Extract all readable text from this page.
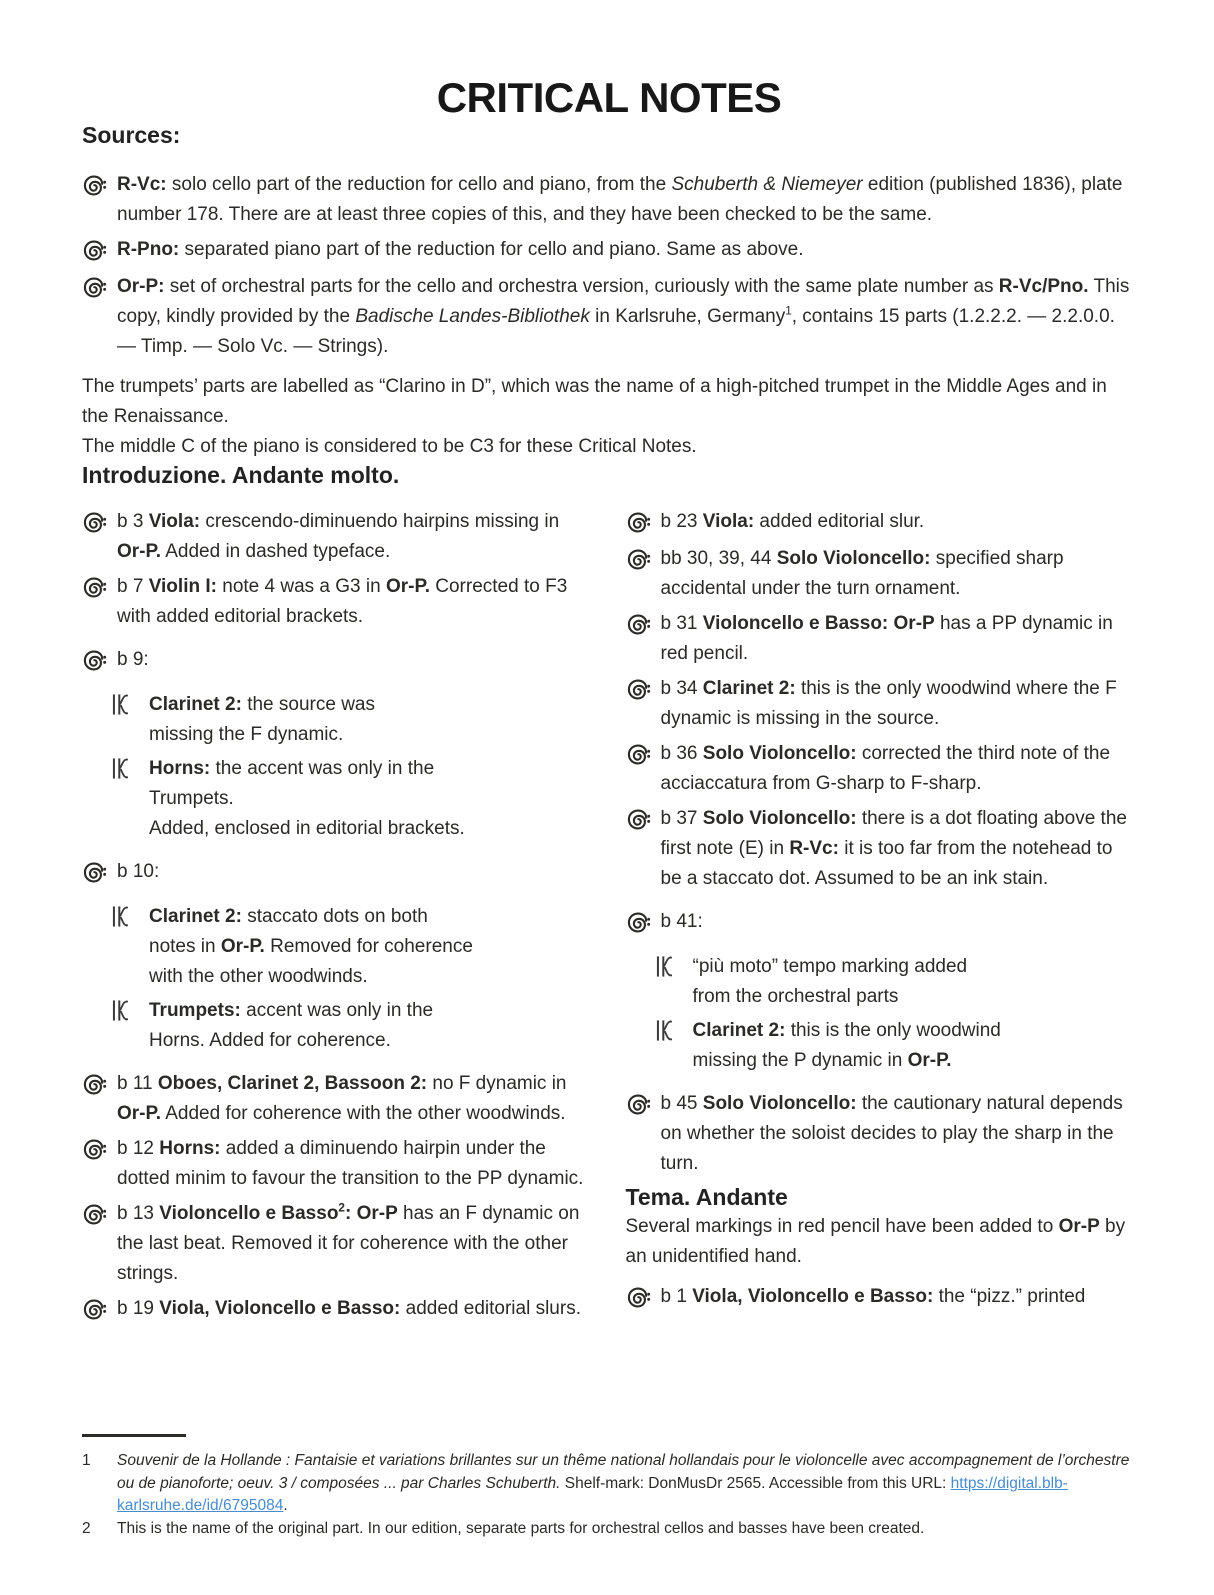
CRITICAL NOTES
Sources:

R-Vc: solo cello part of the reduction for cello and piano, from the Schuberth & Niemeyer edition (published 1836), plate number 178. There are at least three copies of this, and they have been checked to be the same.

R-Pno: separated piano part of the reduction for cello and piano. Same as above.

Or-P: set of orchestral parts for the cello and orchestra version, curiously with the same plate number as R-Vc/Pno. This copy, kindly provided by the Badische Landes-Bibliothek in Karlsruhe, Germany$^1$, contains 15 parts (1.2.2.2. — 2.2.0.0. — Timp. — Solo Vc. — Strings).

The trumpets’ parts are labelled as “Clarino in D”, which was the name of a high-pitched trumpet in the Middle Ages and in the Renaissance.

The middle C of the piano is considered to be C3 for these Critical Notes.

Introduzione. Andante molto.

b 3 Viola: crescendo-diminuendo hairpins missing in Or-P. Added in dashed typeface.

b 7 Violin I: note 4 was a G3 in Or-P. Corrected to F3 with added editorial brackets.

b 9:

Clarinet 2: the source was
missing the F dynamic.

Horns: the accent was only in the Trumpets.
Added, enclosed in editorial brackets.

b 10:

Clarinet 2: staccato dots on both
notes in Or-P. Removed for coherence
with the other woodwinds.

Trumpets: accent was only in the
Horns. Added for coherence.

b 11 Oboes, Clarinet 2, Bassoon 2: no F dynamic in Or-P. Added for coherence with the other woodwinds.

b 12 Horns: added a diminuendo hairpin under the dotted minim to favour the transition to the PP dynamic.

b 13 Violoncello e Basso$^2$: Or-P has an F dynamic on the last beat. Removed it for coherence with the other strings.

b 19 Viola, Violoncello e Basso: added editorial slurs.

b 23 Viola: added editorial slur.

bb 30, 39, 44 Solo Violoncello: specified sharp accidental under the turn ornament.

b 31 Violoncello e Basso: Or-P has a PP dynamic in red pencil.

b 34 Clarinet 2: this is the only woodwind where the F dynamic is missing in the source.

b 36 Solo Violoncello: corrected the third note of the acciaccatura from G-sharp to F-sharp.

b 37 Solo Violoncello: there is a dot floating above the first note (E) in R-Vc: it is too far from the notehead to be a staccato dot. Assumed to be an ink stain.

b 41:

“più moto” tempo marking added
from the orchestral parts

Clarinet 2: this is the only woodwind
missing the P dynamic in Or-P.

b 45 Solo Violoncello: the cautionary natural depends on whether the soloist decides to play the sharp in the turn.

Tema. Andante

Several markings in red pencil have been added to Or-P by an unidentified hand.

b 1 Viola, Violoncello e Basso: the “pizz.” printed

1	Souvenir de la Hollande : Fantaisie et variations brillantes sur un thême national hollandais pour le violoncelle avec accompagnement de l’orchestre ou de pianoforte; oeuv. 3 / composées ... par Charles Schuberth. Shelf-mark: DonMusDr 2565. Accessible from this URL: https://digital.blb-karlsruhe.de/id/6795084.

2	This is the name of the original part. In our edition, separate parts for orchestral cellos and basses have been created.
